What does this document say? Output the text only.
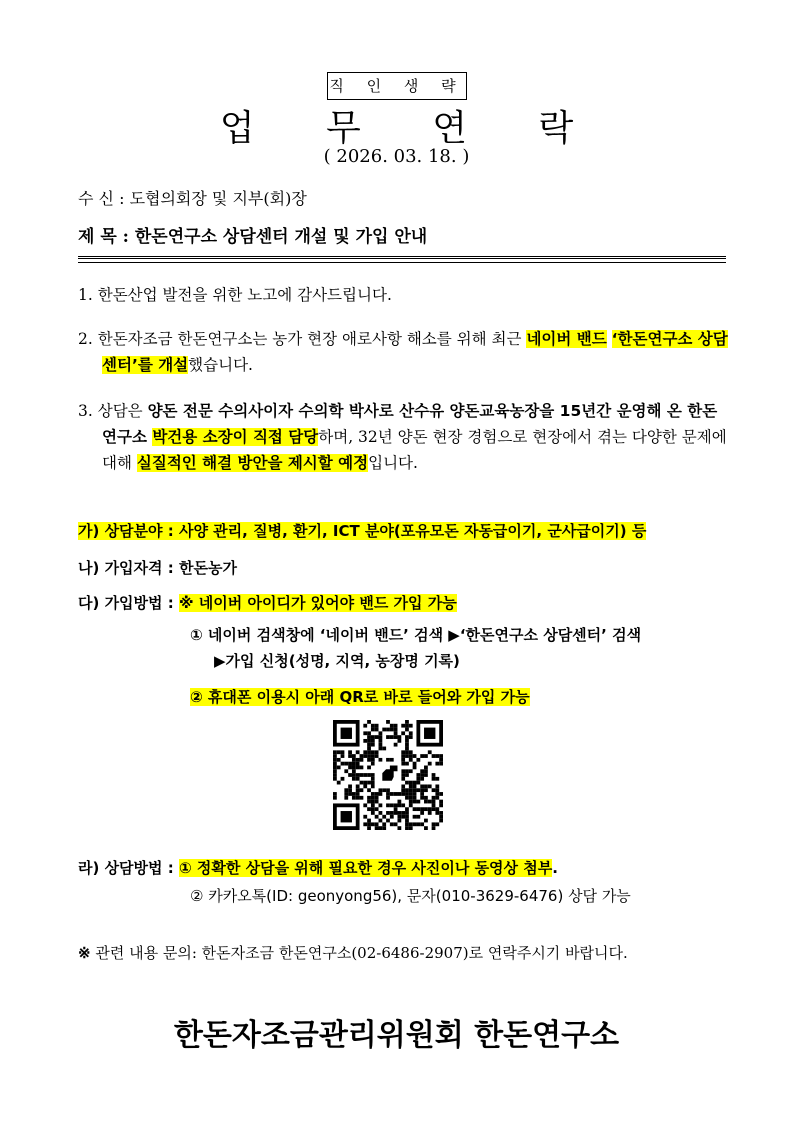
직 인 생 략
업 무 연 락
( 2026. 03. 18. )
수 신 : 도협의회장 및 지부(회)장
제 목 : 한돈연구소 상담센터 개설 및 가입 안내
1. 한돈산업 발전을 위한 노고에 감사드립니다.
2. 한돈자조금 한돈연구소는 농가 현장 애로사항 해소를 위해 최근 네이버 밴드 ‘한돈연구소 상담센터’를 개설했습니다.
3. 상담은 양돈 전문 수의사이자 수의학 박사로 산수유 양돈교육농장을 15년간 운영해 온 한돈연구소 박건용 소장이 직접 담당하며, 32년 양돈 현장 경험으로 현장에서 겪는 다양한 문제에 대해 실질적인 해결 방안을 제시할 예정입니다.
가) 상담분야 : 사양 관리, 질병, 환기, ICT 분야(포유모돈 자동급이기, 군사급이기) 등
나) 가입자격 : 한돈농가
다) 가입방법 : ※ 네이버 아이디가 있어야 밴드 가입 가능
① 네이버 검색창에 ‘네이버 밴드’ 검색 ▶‘한돈연구소 상담센터’ 검색
▶가입 신청(성명, 지역, 농장명 기록)
② 휴대폰 이용시 아래 QR로 바로 들어와 가입 가능
라) 상담방법 : ① 정확한 상담을 위해 필요한 경우 사진이나 동영상 첨부.
② 카카오톡(ID: geonyong56), 문자(010-3629-6476) 상담 가능
※ 관련 내용 문의: 한돈자조금 한돈연구소(02-6486-2907)로 연락주시기 바랍니다.
한돈자조금관리위원회 한돈연구소
